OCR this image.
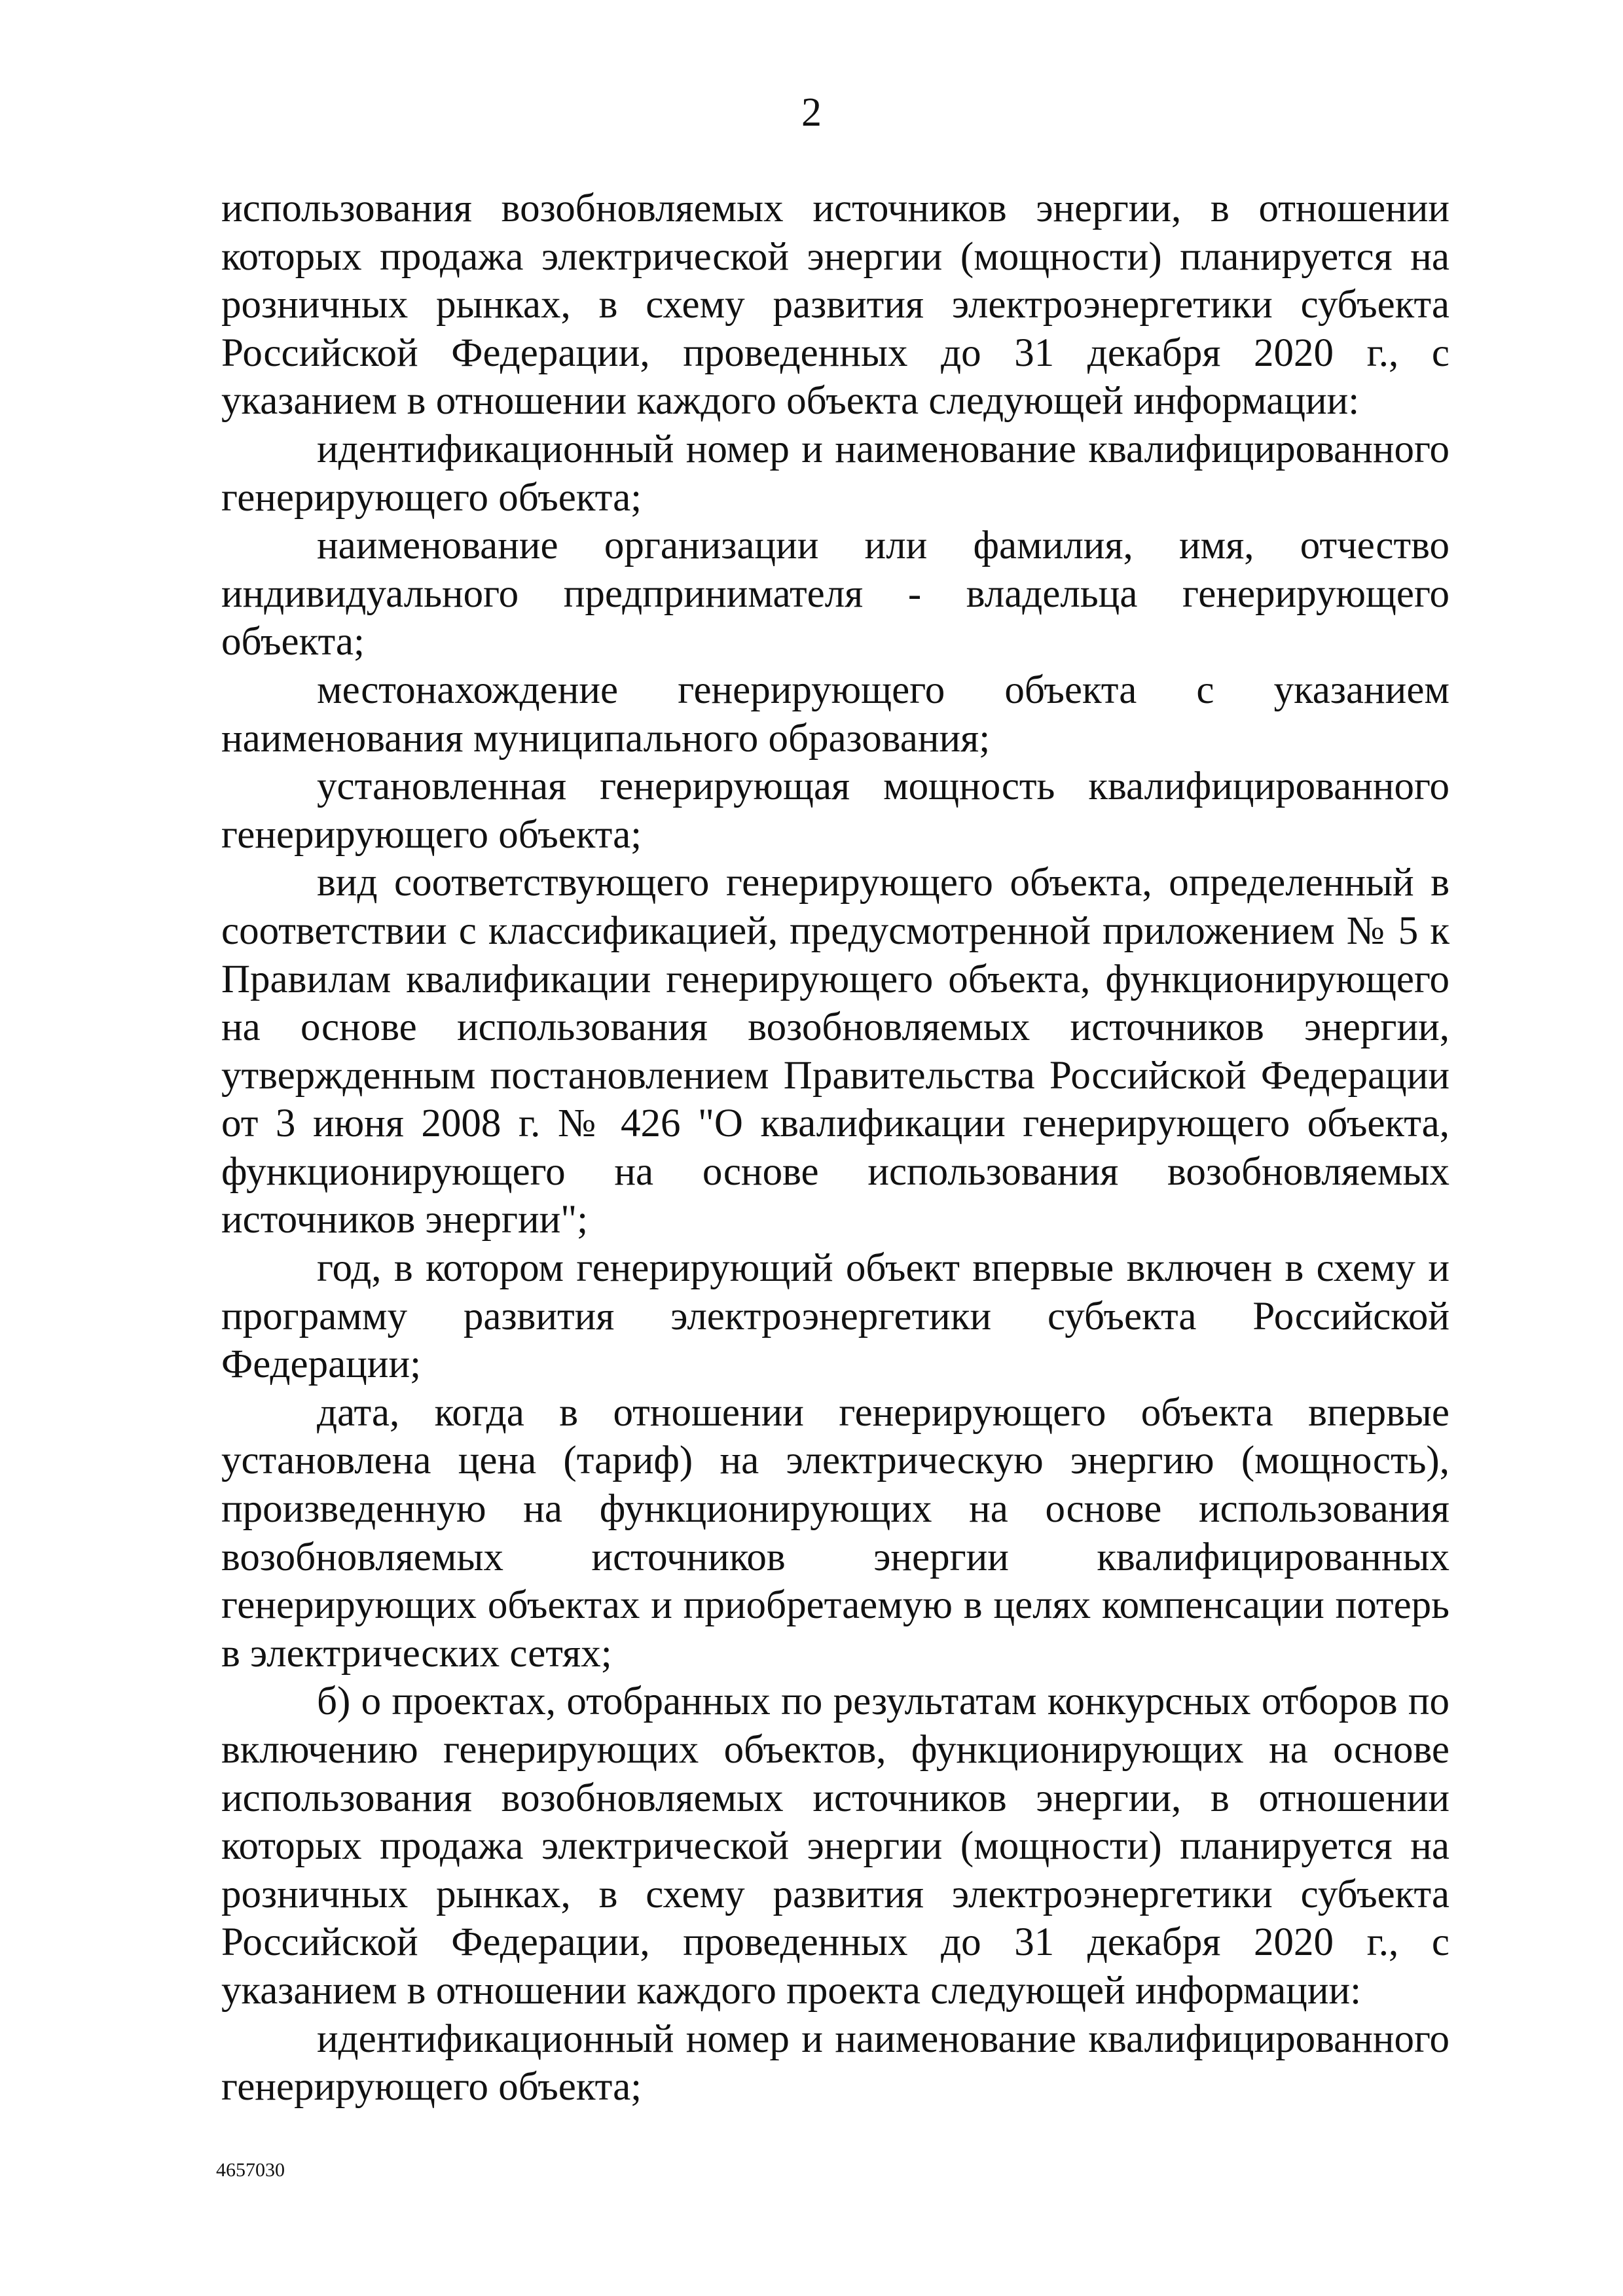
2

использования возобновляемых источников энергии, в отношении которых продажа электрической энергии (мощности) планируется на розничных рынках, в схему развития электроэнергетики субъекта Российской Федерации, проведенных до 31 декабря 2020 г., с указанием в отношении каждого объекта следующей информации:

идентификационный номер и наименование квалифицированного генерирующего объекта;

наименование организации или фамилия, имя, отчество индивидуального предпринимателя - владельца генерирующего объекта;

местонахождение генерирующего объекта с указанием наименования муниципального образования;

установленная генерирующая мощность квалифицированного генерирующего объекта;

вид соответствующего генерирующего объекта, определенный в соответствии с классификацией, предусмотренной приложением № 5 к Правилам квалификации генерирующего объекта, функционирующего на основе использования возобновляемых источников энергии, утвержденным постановлением Правительства Российской Федерации от 3 июня 2008 г. № 426 "О квалификации генерирующего объекта, функционирующего на основе использования возобновляемых источников энергии";

год, в котором генерирующий объект впервые включен в схему и программу развития электроэнергетики субъекта Российской Федерации;

дата, когда в отношении генерирующего объекта впервые установлена цена (тариф) на электрическую энергию (мощность), произведенную на функционирующих на основе использования возобновляемых источников энергии квалифицированных генерирующих объектах и приобретаемую в целях компенсации потерь в электрических сетях;

б) о проектах, отобранных по результатам конкурсных отборов по включению генерирующих объектов, функционирующих на основе использования возобновляемых источников энергии, в отношении которых продажа электрической энергии (мощности) планируется на розничных рынках, в схему развития электроэнергетики субъекта Российской Федерации, проведенных до 31 декабря 2020 г., с указанием в отношении каждого проекта следующей информации:

идентификационный номер и наименование квалифицированного генерирующего объекта;

4657030
